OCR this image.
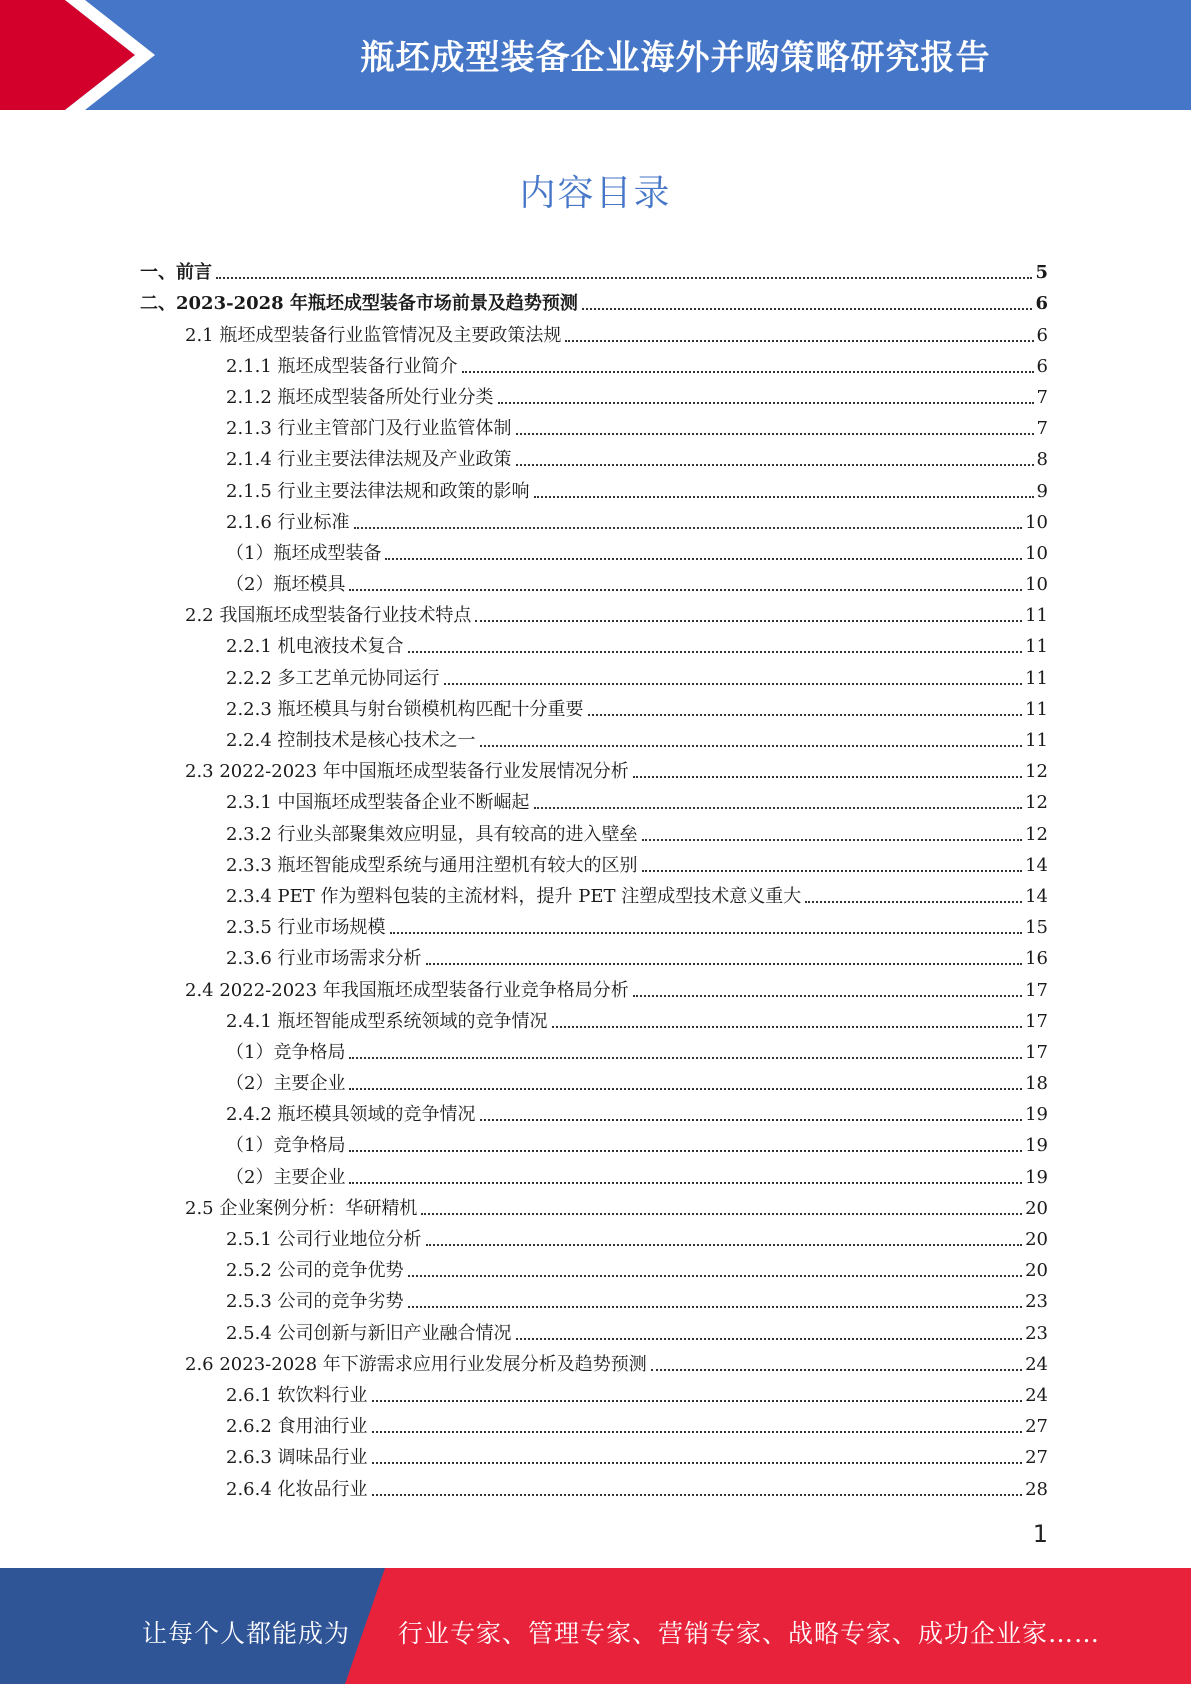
瓶坯成型装备企业海外并购策略研究报告
内容目录
一、前言	5
二、2023-2028 年瓶坯成型装备市场前景及趋势预测	6
2.1 瓶坯成型装备行业监管情况及主要政策法规	6
2.1.1 瓶坯成型装备行业简介	6
2.1.2 瓶坯成型装备所处行业分类	7
2.1.3 行业主管部门及行业监管体制	7
2.1.4 行业主要法律法规及产业政策	8
2.1.5 行业主要法律法规和政策的影响	9
2.1.6 行业标准	10
（1）瓶坯成型装备	10
（2）瓶坯模具	10
2.2 我国瓶坯成型装备行业技术特点	11
2.2.1 机电液技术复合	11
2.2.2 多工艺单元协同运行	11
2.2.3 瓶坯模具与射台锁模机构匹配十分重要	11
2.2.4 控制技术是核心技术之一	11
2.3 2022-2023 年中国瓶坯成型装备行业发展情况分析	12
2.3.1 中国瓶坯成型装备企业不断崛起	12
2.3.2 行业头部聚集效应明显，具有较高的进入壁垒	12
2.3.3 瓶坯智能成型系统与通用注塑机有较大的区别	14
2.3.4 PET 作为塑料包装的主流材料，提升 PET 注塑成型技术意义重大	14
2.3.5 行业市场规模	15
2.3.6 行业市场需求分析	16
2.4 2022-2023 年我国瓶坯成型装备行业竞争格局分析	17
2.4.1 瓶坯智能成型系统领域的竞争情况	17
（1）竞争格局	17
（2）主要企业	18
2.4.2 瓶坯模具领域的竞争情况	19
（1）竞争格局	19
（2）主要企业	19
2.5 企业案例分析：华研精机	20
2.5.1 公司行业地位分析	20
2.5.2 公司的竞争优势	20
2.5.3 公司的竞争劣势	23
2.5.4 公司创新与新旧产业融合情况	23
2.6 2023-2028 年下游需求应用行业发展分析及趋势预测	24
2.6.1 软饮料行业	24
2.6.2 食用油行业	27
2.6.3 调味品行业	27
2.6.4 化妆品行业	28
1
让每个人都能成为 行业专家、管理专家、营销专家、战略专家、成功企业家……
